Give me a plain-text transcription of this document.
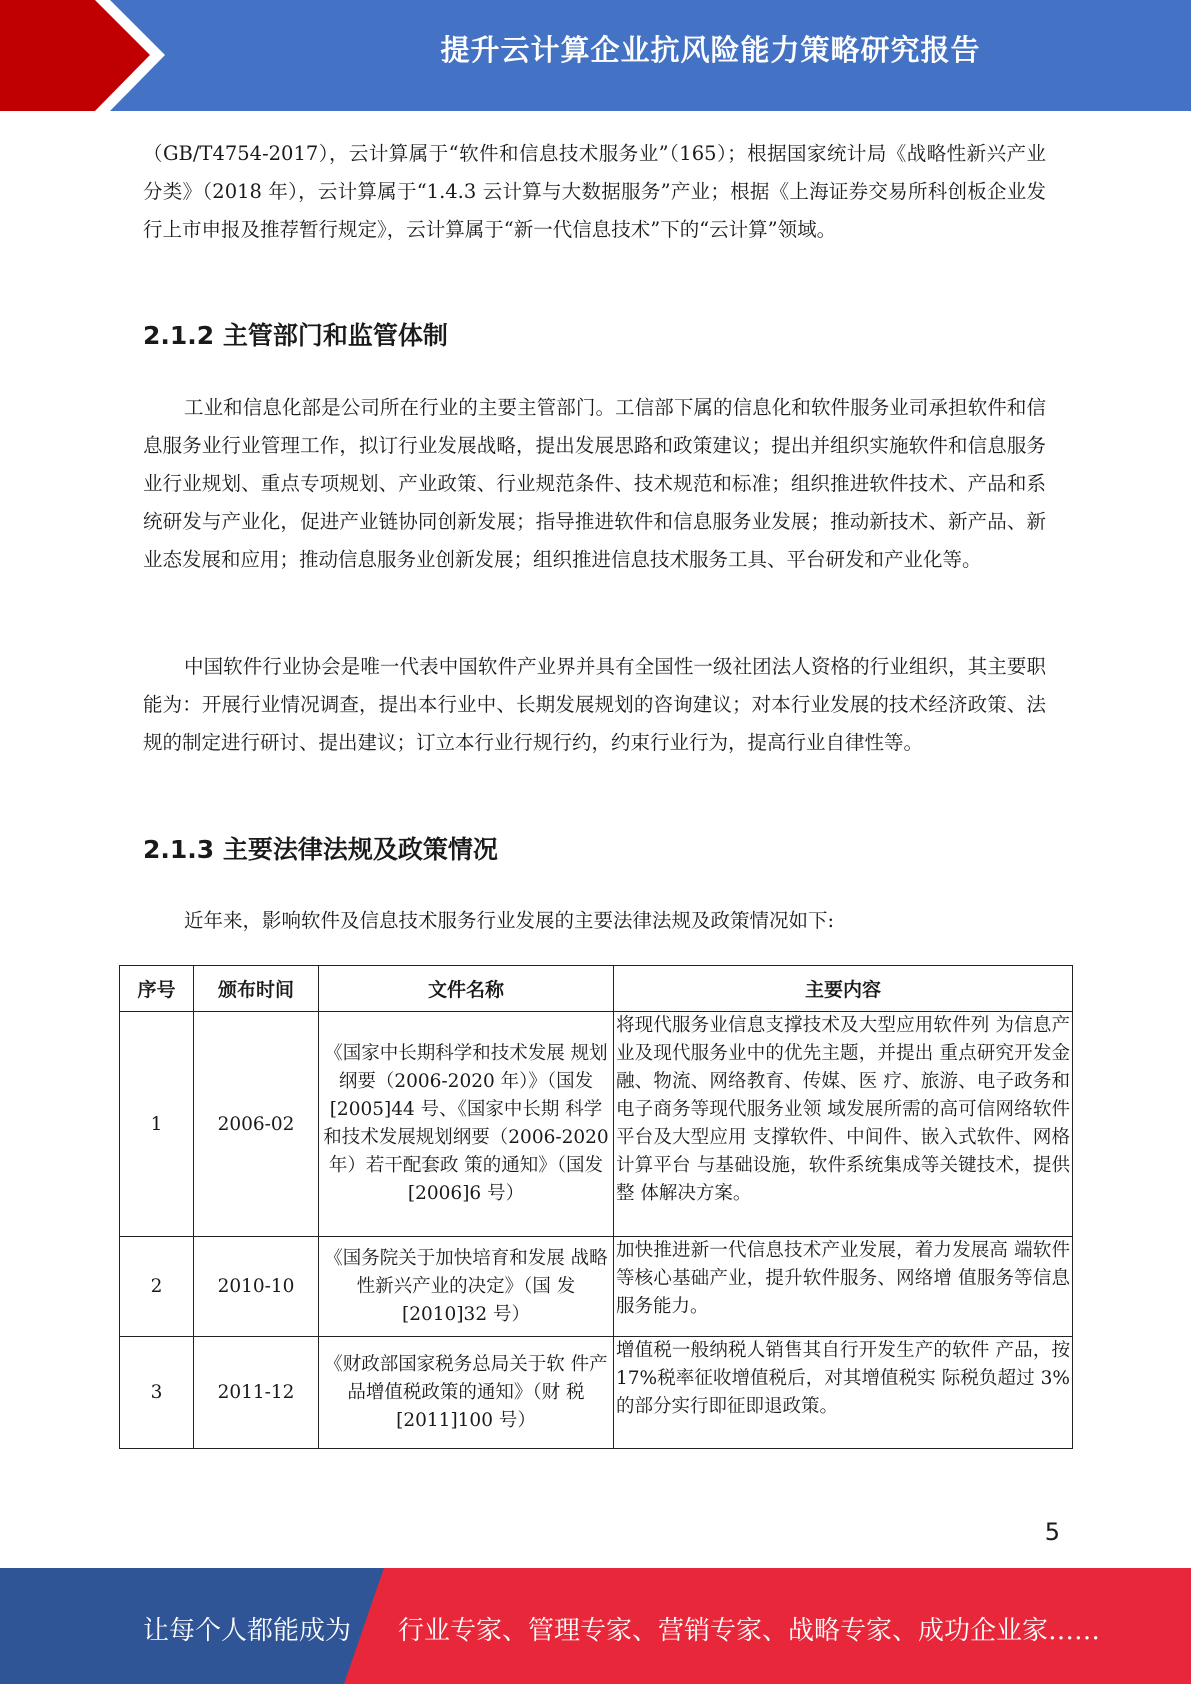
提升云计算企业抗风险能力策略研究报告

（GB/T4754-2017），云计算属于“软件和信息技术服务业”（165）；根据国家统计局《战略性新兴产业分类》（2018 年），云计算属于“1.4.3 云计算与大数据服务”产业；根据《上海证券交易所科创板企业发行上市申报及推荐暂行规定》，云计算属于“新一代信息技术”下的“云计算”领域。

2.1.2 主管部门和监管体制

工业和信息化部是公司所在行业的主要主管部门。工信部下属的信息化和软件服务业司承担软件和信息服务业行业管理工作，拟订行业发展战略，提出发展思路和政策建议；提出并组织实施软件和信息服务业行业规划、重点专项规划、产业政策、行业规范条件、技术规范和标准；组织推进软件技术、产品和系统研发与产业化，促进产业链协同创新发展；指导推进软件和信息服务业发展；推动新技术、新产品、新业态发展和应用；推动信息服务业创新发展；组织推进信息技术服务工具、平台研发和产业化等。

中国软件行业协会是唯一代表中国软件产业界并具有全国性一级社团法人资格的行业组织，其主要职能为：开展行业情况调查，提出本行业中、长期发展规划的咨询建议；对本行业发展的技术经济政策、法规的制定进行研讨、提出建议；订立本行业行规行约，约束行业行为，提高行业自律性等。

2.1.3 主要法律法规及政策情况

近年来，影响软件及信息技术服务行业发展的主要法律法规及政策情况如下:

序号	颁布时间	文件名称	主要内容
1	2006-02	《国家中长期科学和技术发展 规划纲要（2006-2020 年）》（国发[2005]44 号、《国家中长期 科学和技术发展规划纲要（2006-2020 年）若干配套政 策的通知》（国发[2006]6 号）	将现代服务业信息支撑技术及大型应用软件列 为信息产业及现代服务业中的优先主题，并提出 重点研究开发金融、物流、网络教育、传媒、医 疗、旅游、电子政务和电子商务等现代服务业领 域发展所需的高可信网络软件平台及大型应用 支撑软件、中间件、嵌入式软件、网格计算平台 与基础设施，软件系统集成等关键技术，提供整 体解决方案。
2	2010-10	《国务院关于加快培育和发展 战略性新兴产业的决定》（国 发[2010]32 号）	加快推进新一代信息技术产业发展，着力发展高 端软件等核心基础产业，提升软件服务、网络增 值服务等信息服务能力。
3	2011-12	《财政部国家税务总局关于软 件产品增值税政策的通知》（财 税[2011]100 号）	增值税一般纳税人销售其自行开发生产的软件 产品，按 17%税率征收增值税后，对其增值税实 际税负超过 3%的部分实行即征即退政策。
5
让每个人都能成为 行业专家、管理专家、营销专家、战略专家、成功企业家……
